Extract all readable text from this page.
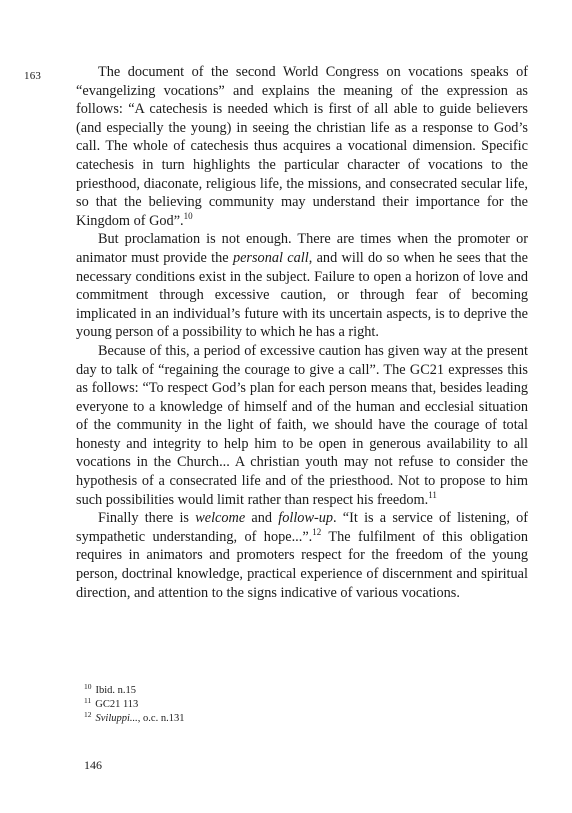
163	The document of the second World Congress on vocations speaks of “evangelizing vocations” and explains the meaning of the expression as follows: “A catechesis is needed which is first of all able to guide believers (and especially the young) in seeing the christian life as a response to God’s call. The whole of catechesis thus acquires a vocational dimension. Specific catechesis in turn highlights the particular character of vocations to the priesthood, diaconate, religious life, the missions, and consecrated secular life, so that the believing community may understand their importance for the Kingdom of God”.$^{10}$

But proclamation is not enough. There are times when the promoter or animator must provide the personal call, and will do so when he sees that the necessary conditions exist in the subject. Failure to open a horizon of love and commitment through excessive caution, or through fear of becoming implicated in an individual’s future with its uncertain aspects, is to deprive the young person of a possibility to which he has a right.

Because of this, a period of excessive caution has given way at the present day to talk of “regaining the courage to give a call”. The GC21 expresses this as follows: “To respect God’s plan for each person means that, besides leading everyone to a knowledge of himself and of the human and ecclesial situation of the community in the light of faith, we should have the courage of total honesty and integrity to help him to be open in generous availability to all vocations in the Church... A christian youth may not refuse to consider the hypothesis of a consecrated life and of the priesthood. Not to propose to him such possibilities would limit rather than respect his freedom.$^{11}$

Finally there is welcome and follow-up. “It is a service of listening, of sympathetic understanding, of hope...”.$^{12}$ The fulfilment of this obligation requires in animators and promoters respect for the freedom of the young person, doctrinal knowledge, practical experience of discernment and spiritual direction, and attention to the signs indicative of various vocations.

$^{10}$ Ibid. n.15
$^{11}$ GC21 113
$^{12}$ Sviluppi..., o.c. n.131
146
